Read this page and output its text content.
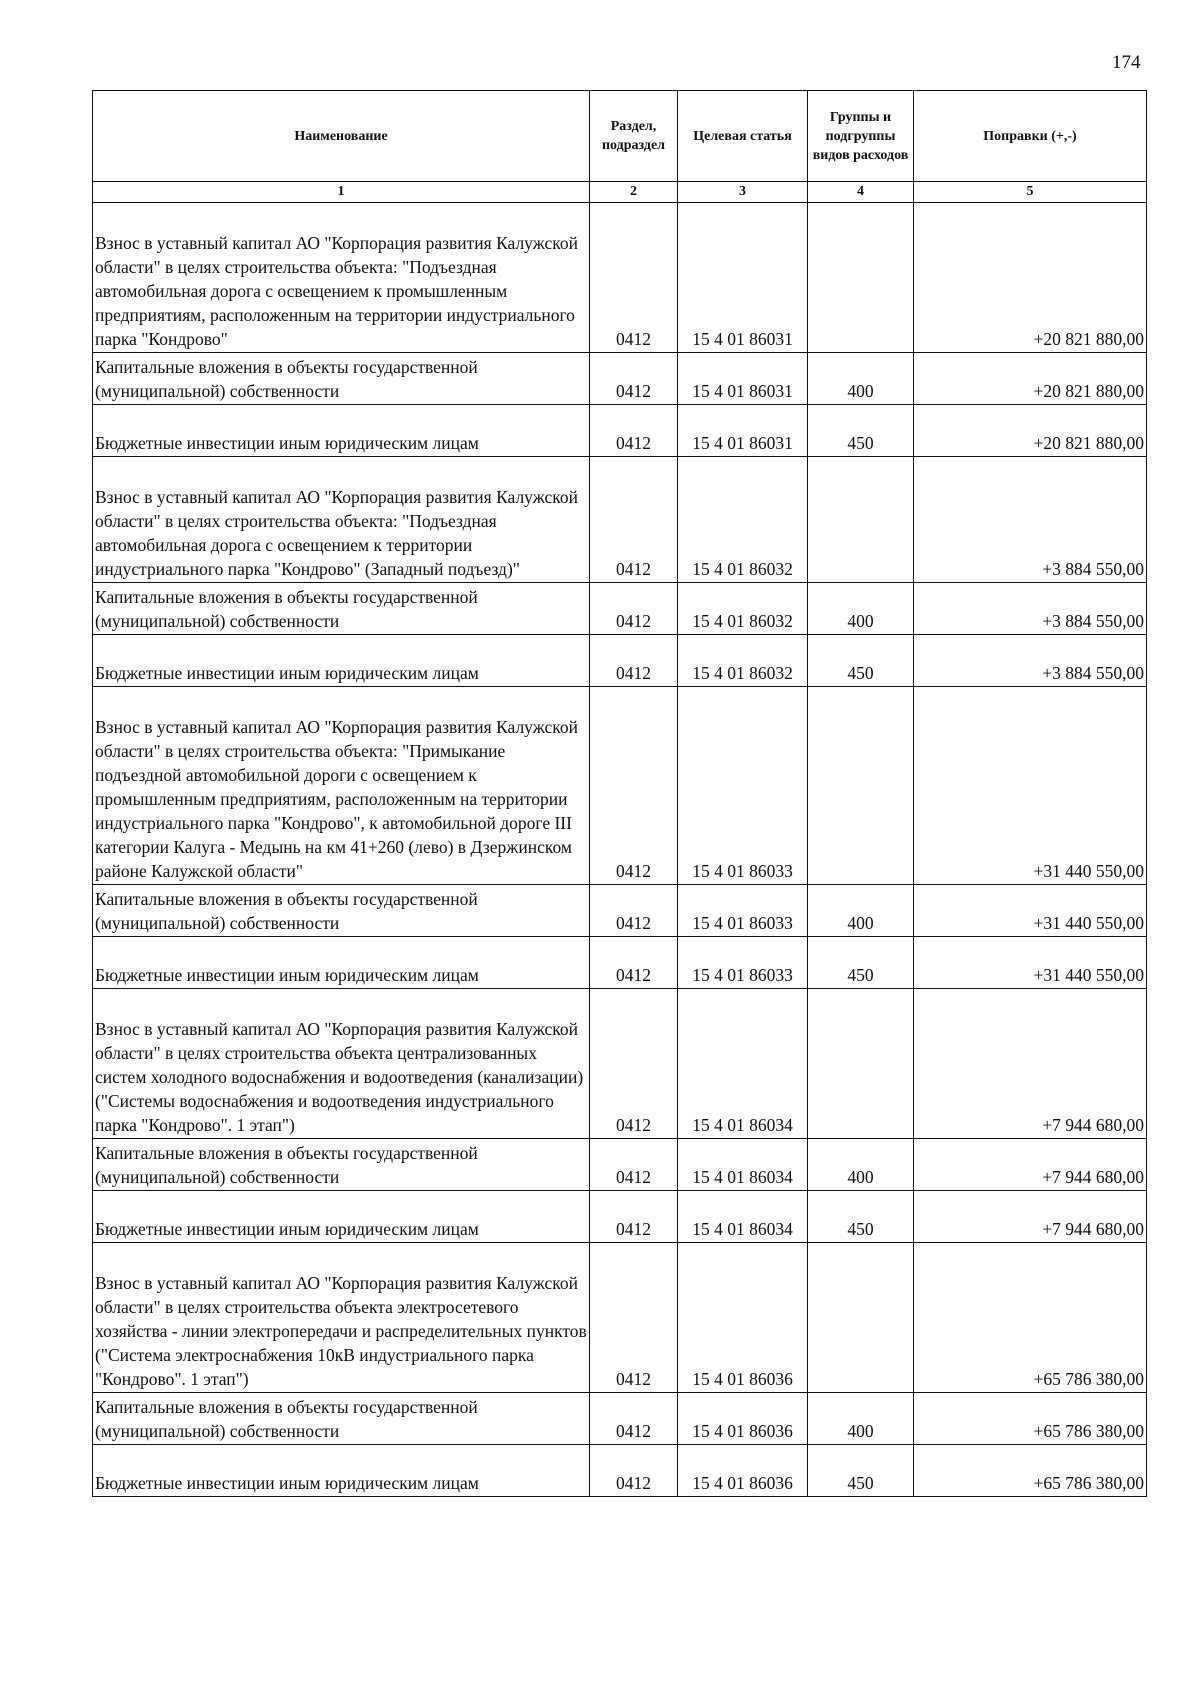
174
Наименование	Раздел, подраздел	Целевая статья	Группы и подгруппы видов расходов	Поправки (+,-)
1	2	3	4	5
Взнос в уставный капитал АО "Корпорация развития Калужской области" в целях строительства объекта: "Подъездная автомобильная дорога с освещением к промышленным предприятиям, расположенным на территории индустриального парка "Кондрово"	0412	15 4 01 86031		+20 821 880,00
Капитальные вложения в объекты государственной (муниципальной) собственности	0412	15 4 01 86031	400	+20 821 880,00
Бюджетные инвестиции иным юридическим лицам	0412	15 4 01 86031	450	+20 821 880,00
Взнос в уставный капитал АО "Корпорация развития Калужской области" в целях строительства объекта: "Подъездная автомобильная дорога с освещением к территории индустриального парка "Кондрово" (Западный подъезд)"	0412	15 4 01 86032		+3 884 550,00
Капитальные вложения в объекты государственной (муниципальной) собственности	0412	15 4 01 86032	400	+3 884 550,00
Бюджетные инвестиции иным юридическим лицам	0412	15 4 01 86032	450	+3 884 550,00
Взнос в уставный капитал АО "Корпорация развития Калужской области" в целях строительства объекта: "Примыкание подъездной автомобильной дороги с освещением к промышленным предприятиям, расположенным на территории индустриального парка "Кондрово", к автомобильной дороге III категории Калуга - Медынь на км 41+260 (лево) в Дзержинском районе Калужской области"	0412	15 4 01 86033		+31 440 550,00
Капитальные вложения в объекты государственной (муниципальной) собственности	0412	15 4 01 86033	400	+31 440 550,00
Бюджетные инвестиции иным юридическим лицам	0412	15 4 01 86033	450	+31 440 550,00
Взнос в уставный капитал АО "Корпорация развития Калужской области" в целях строительства объекта централизованных систем холодного водоснабжения и водоотведения (канализации) ("Системы водоснабжения и водоотведения индустриального парка "Кондрово". 1 этап")	0412	15 4 01 86034		+7 944 680,00
Капитальные вложения в объекты государственной (муниципальной) собственности	0412	15 4 01 86034	400	+7 944 680,00
Бюджетные инвестиции иным юридическим лицам	0412	15 4 01 86034	450	+7 944 680,00
Взнос в уставный капитал АО "Корпорация развития Калужской области" в целях строительства объекта электросетевого хозяйства - линии электропередачи и распределительных пунктов ("Система электроснабжения 10кВ индустриального парка "Кондрово". 1 этап")	0412	15 4 01 86036		+65 786 380,00
Капитальные вложения в объекты государственной (муниципальной) собственности	0412	15 4 01 86036	400	+65 786 380,00
Бюджетные инвестиции иным юридическим лицам	0412	15 4 01 86036	450	+65 786 380,00
